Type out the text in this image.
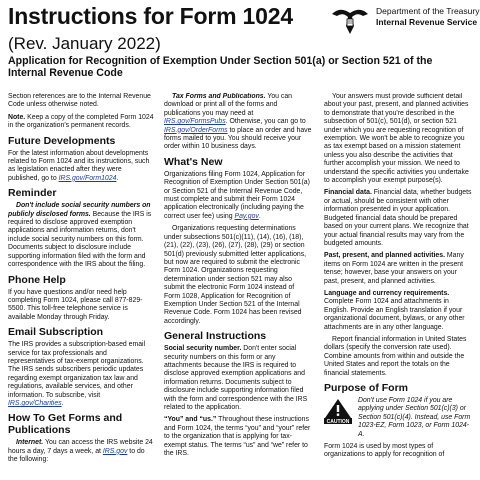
Instructions for Form 1024	Department of the Treasury
Internal Revenue Service
(Rev. January 2022)
Application for Recognition of Exemption Under Section 501(a) or Section 521 of the Internal Revenue Code

Section references are to the Internal Revenue Code unless otherwise noted.

Note. Keep a copy of the completed Form 1024 in the organization's permanent records.

Future Developments

For the latest information about developments related to Form 1024 and its instructions, such as legislation enacted after they were published, go to IRS.gov/Form1024.

Reminder

Don't include social security numbers on publicly disclosed forms. Because the IRS is required to disclose approved exemption applications and information returns, don't include social security numbers on this form. Documents subject to disclosure include supporting information filed with the form and correspondence with the IRS about the filing.

Phone Help

If you have questions and/or need help completing Form 1024, please call 877-829-5500. This toll-free telephone service is available Monday through Friday.

Email Subscription

The IRS provides a subscription-based email service for tax professionals and representatives of tax-exempt organizations. The IRS sends subscribers periodic updates regarding exempt organization tax law and regulations, available services, and other information. To subscribe, visit IRS.gov/Charities.

How To Get Forms and Publications

Internet. You can access the IRS website 24 hours a day, 7 days a week, at IRS.gov to do the following:

Tax Forms and Publications. You can download or print all of the forms and publications you may need at IRS.gov/FormsPubs. Otherwise, you can go to IRS.gov/OrderForms to place an order and have forms mailed to you. You should receive your order within 10 business days.

What's New

Organizations filing Form 1024, Application for Recognition of Exemption Under Section 501(a) or Section 521 of the Internal Revenue Code, must complete and submit their Form 1024 application electronically (including paying the correct user fee) using Pay.gov.

Organizations requesting determinations under subsections 501(c)(11), (14), (16), (18), (21), (22), (23), (26), (27), (28), (29) or section 501(d) previously submitted letter applications, but now are required to submit the electronic Form 1024. Organizations requesting determination under section 521 may also submit the electronic Form 1024 instead of Form 1028, Application for Recognition of Exemption Under Section 521 of the Internal Revenue Code. Form 1024 has been revised accordingly.

General Instructions

Social security number. Don't enter social security numbers on this form or any attachments because the IRS is required to disclose approved exemption applications and information returns. Documents subject to disclosure include supporting information filed with the form and correspondence with the IRS related to the application.

“You” and “us.” Throughout these instructions and Form 1024, the terms “you” and “your” refer to the organization that is applying for tax-exempt status. The terms “us” and “we” refer to the IRS.

Your answers must provide sufficient detail about your past, present, and planned activities to demonstrate that you're described in the subsection of 501(c), 501(d), or section 521 under which you are requesting recognition of exemption. We won't be able to recognize you as tax exempt based on a mission statement unless you also describe the activities that further accomplish your mission. We need to understand the specific activities you undertake to accomplish your exempt purpose(s).

Financial data. Financial data, whether budgets or actual, should be consistent with other information presented in your application. Budgeted financial data should be prepared based on your current plans. We recognize that your actual financial results may vary from the budgeted amounts.

Past, present, and planned activities. Many items on Form 1024 are written in the present tense; however, base your answers on your past, present, and planned activities.

Language and currency requirements. Complete Form 1024 and attachments in English. Provide an English translation if your organizational document, bylaws, or any other attachments are in any other language.

Report financial information in United States dollars (specify the conversion rate used). Combine amounts from within and outside the United States and report the totals on the financial statements.

Purpose of Form
CAUTION
Don't use Form 1024 if you are applying under Section 501(c)(3) or Section 501(c)(4). Instead, use Form 1023-EZ, Form 1023, or Form 1024-A.

Form 1024 is used by most types of organizations to apply for recognition of
